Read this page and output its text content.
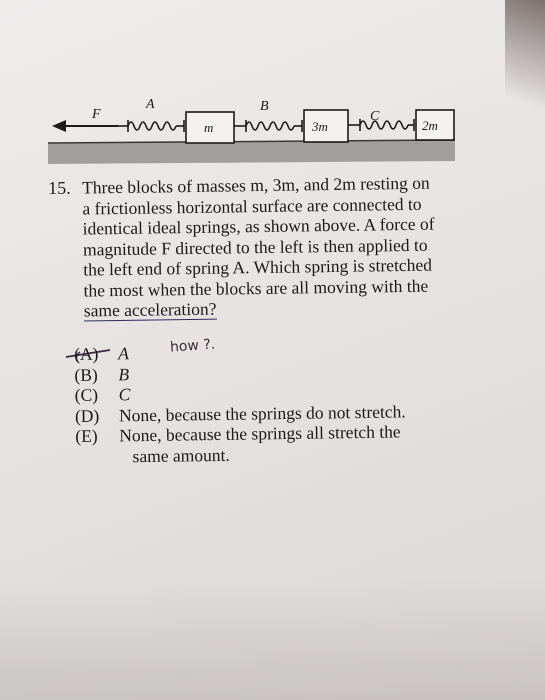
F
A
m
B
3m
C
2m
15. Three blocks of masses m, 3m, and 2m resting on
a frictionless horizontal surface are connected to
identical ideal springs, as shown above. A force of
magnitude F directed to the left is then applied to
the left end of spring A. Which spring is stretched
the most when the blocks are all moving with the
same acceleration?
(A) A
(B) B
(C) C
(D) None, because the springs do not stretch.
(E) None, because the springs all stretch the
same amount.
how ?.
